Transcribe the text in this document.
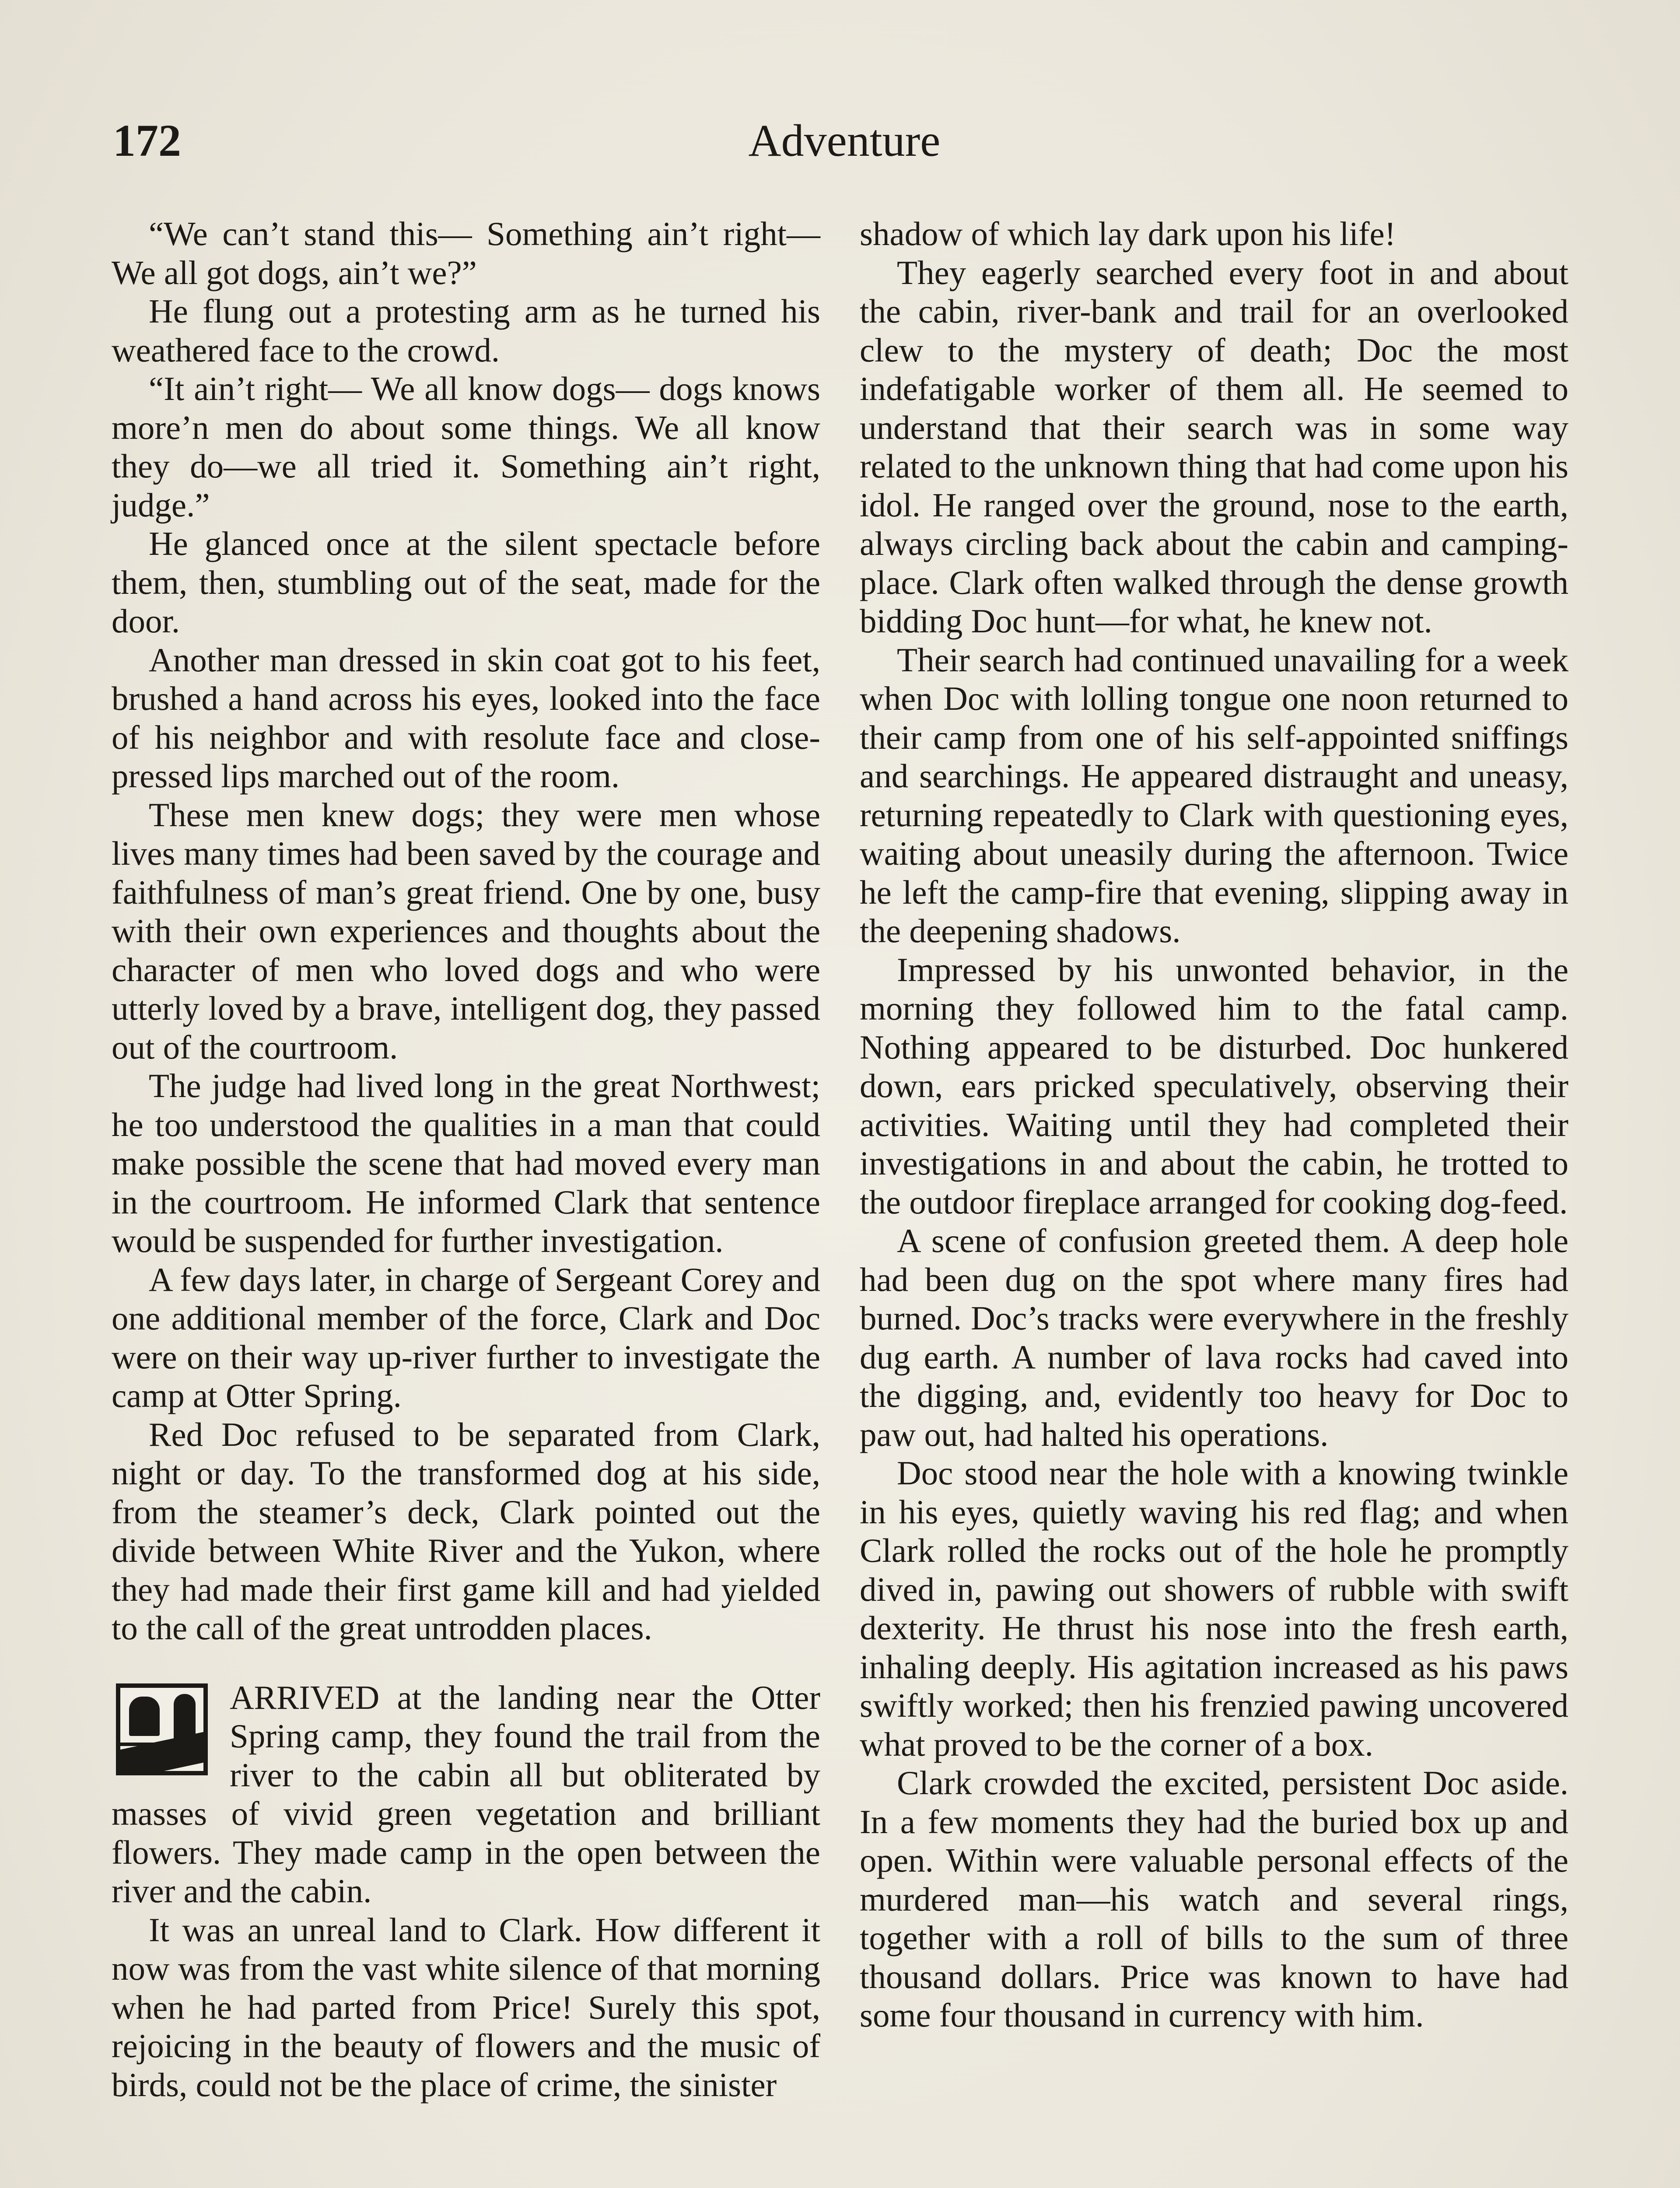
172	Adventure

“We can’t stand this— Something ain’t right— We all got dogs, ain’t we?”

He flung out a protesting arm as he turned his weathered face to the crowd.

“It ain’t right— We all know dogs— dogs knows more’n men do about some things. We all know they do—we all tried it. Something ain’t right, judge.”

He glanced once at the silent spectacle before them, then, stumbling out of the seat, made for the door.

Another man dressed in skin coat got to his feet, brushed a hand across his eyes, looked into the face of his neighbor and with resolute face and close-pressed lips marched out of the room.

These men knew dogs; they were men whose lives many times had been saved by the courage and faithfulness of man’s great friend. One by one, busy with their own experiences and thoughts about the character of men who loved dogs and who were utterly loved by a brave, intelligent dog, they passed out of the courtroom.

The judge had lived long in the great Northwest; he too understood the qualities in a man that could make possible the scene that had moved every man in the courtroom. He informed Clark that sentence would be suspended for further investigation.

A few days later, in charge of Sergeant Corey and one additional member of the force, Clark and Doc were on their way up-river further to investigate the camp at Otter Spring.

Red Doc refused to be separated from Clark, night or day. To the transformed dog at his side, from the steamer’s deck, Clark pointed out the divide between White River and the Yukon, where they had made their first game kill and had yielded to the call of the great untrodden places.

ARRIVED at the landing near the Otter Spring camp, they found the trail from the river to the cabin all but obliterated by masses of vivid green vegetation and brilliant flowers. They made camp in the open between the river and the cabin.

It was an unreal land to Clark. How different it now was from the vast white silence of that morning when he had parted from Price! Surely this spot, rejoicing in the beauty of flowers and the music of birds, could not be the place of crime, the sinister

shadow of which lay dark upon his life!

They eagerly searched every foot in and about the cabin, river-bank and trail for an overlooked clew to the mystery of death; Doc the most indefatigable worker of them all. He seemed to understand that their search was in some way related to the unknown thing that had come upon his idol. He ranged over the ground, nose to the earth, always circling back about the cabin and camping-place. Clark often walked through the dense growth bidding Doc hunt—for what, he knew not.

Their search had continued unavailing for a week when Doc with lolling tongue one noon returned to their camp from one of his self-appointed sniffings and searchings. He appeared distraught and uneasy, returning repeatedly to Clark with questioning eyes, waiting about uneasily during the afternoon. Twice he left the camp-fire that evening, slipping away in the deepening shadows.

Impressed by his unwonted behavior, in the morning they followed him to the fatal camp. Nothing appeared to be disturbed. Doc hunkered down, ears pricked speculatively, observing their activities. Waiting until they had completed their investigations in and about the cabin, he trotted to the outdoor fireplace arranged for cooking dog-feed.

A scene of confusion greeted them. A deep hole had been dug on the spot where many fires had burned. Doc’s tracks were everywhere in the freshly dug earth. A number of lava rocks had caved into the digging, and, evidently too heavy for Doc to paw out, had halted his operations.

Doc stood near the hole with a knowing twinkle in his eyes, quietly waving his red flag; and when Clark rolled the rocks out of the hole he promptly dived in, pawing out showers of rubble with swift dexterity. He thrust his nose into the fresh earth, inhaling deeply. His agitation increased as his paws swiftly worked; then his frenzied pawing uncovered what proved to be the corner of a box.

Clark crowded the excited, persistent Doc aside. In a few moments they had the buried box up and open. Within were valuable personal effects of the murdered man—his watch and several rings, together with a roll of bills to the sum of three thousand dollars. Price was known to have had some four thousand in currency with him.
